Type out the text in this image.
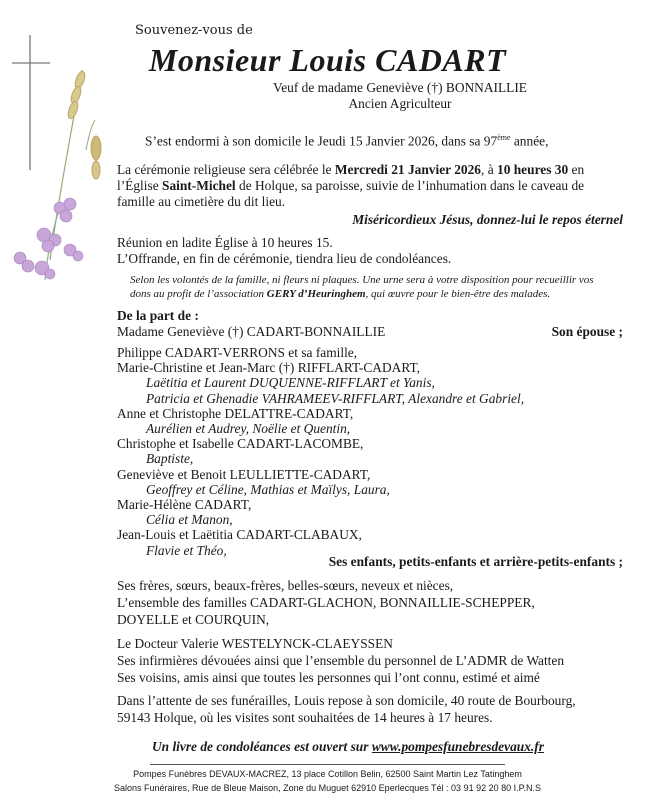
Souvenez-vous de
Monsieur Louis CADART
Veuf de madame Geneviève (†) BONNAILLIE
Ancien Agriculteur
S’est endormi à son domicile le Jeudi 15 Janvier 2026, dans sa 97ème année,
La cérémonie religieuse sera célébrée le Mercredi 21 Janvier 2026, à 10 heures 30 en
l’Église Saint-Michel de Holque, sa paroisse, suivie de l’inhumation dans le caveau de
famille au cimetière du dit lieu.
Miséricordieux Jésus, donnez-lui le repos éternel
Réunion en ladite Église à 10 heures 15.
L’Offrande, en fin de cérémonie, tiendra lieu de condoléances.
Selon les volontés de la famille, ni fleurs ni plaques. Une urne sera à votre disposition pour recueillir vos
dons au profit de l’association GERY d’Heuringhem, qui œuvre pour le bien-être des malades.
De la part de :
Madame Geneviève (†) CADART-BONNAILLIE	Son épouse ;
Philippe CADART-VERRONS et sa famille,
Marie-Christine et Jean-Marc (†) RIFFLART-CADART,
Laëtitia et Laurent DUQUENNE-RIFFLART et Yanis,
Patricia et Ghenadie VAHRAMEEV-RIFFLART, Alexandre et Gabriel,
Anne et Christophe DELATTRE-CADART,
Aurélien et Audrey, Noëlie et Quentin,
Christophe et Isabelle CADART-LACOMBE,
Baptiste,
Geneviève et Benoit LEULLIETTE-CADART,
Geoffrey et Céline, Mathias et Maïlys, Laura,
Marie-Hélène CADART,
Célia et Manon,
Jean-Louis et Laëtitia CADART-CLABAUX,
Flavie et Théo,
Ses enfants, petits-enfants et arrière-petits-enfants ;
Ses frères, sœurs, beaux-frères, belles-sœurs, neveux et nièces,
L’ensemble des familles CADART-GLACHON, BONNAILLIE-SCHEPPER,
DOYELLE et COURQUIN,
Le Docteur Valerie WESTELYNCK-CLAEYSSEN
Ses infirmières dévouées ainsi que l’ensemble du personnel de L’ADMR de Watten
Ses voisins, amis ainsi que toutes les personnes qui l’ont connu, estimé et aimé
Dans l’attente de ses funérailles, Louis repose à son domicile, 40 route de Bourbourg,
59143 Holque, où les visites sont souhaitées de 14 heures à 17 heures.
Un livre de condoléances est ouvert sur www.pompesfunebresdevaux.fr
Pompes Funèbres DEVAUX-MACREZ, 13 place Cotillon Belin, 62500 Saint Martin Lez Tatinghem
Salons Funéraires, Rue de Bleue Maison, Zone du Muguet 62910 Eperlecques Tél : 03 91 92 20 80 I.P.N.S
